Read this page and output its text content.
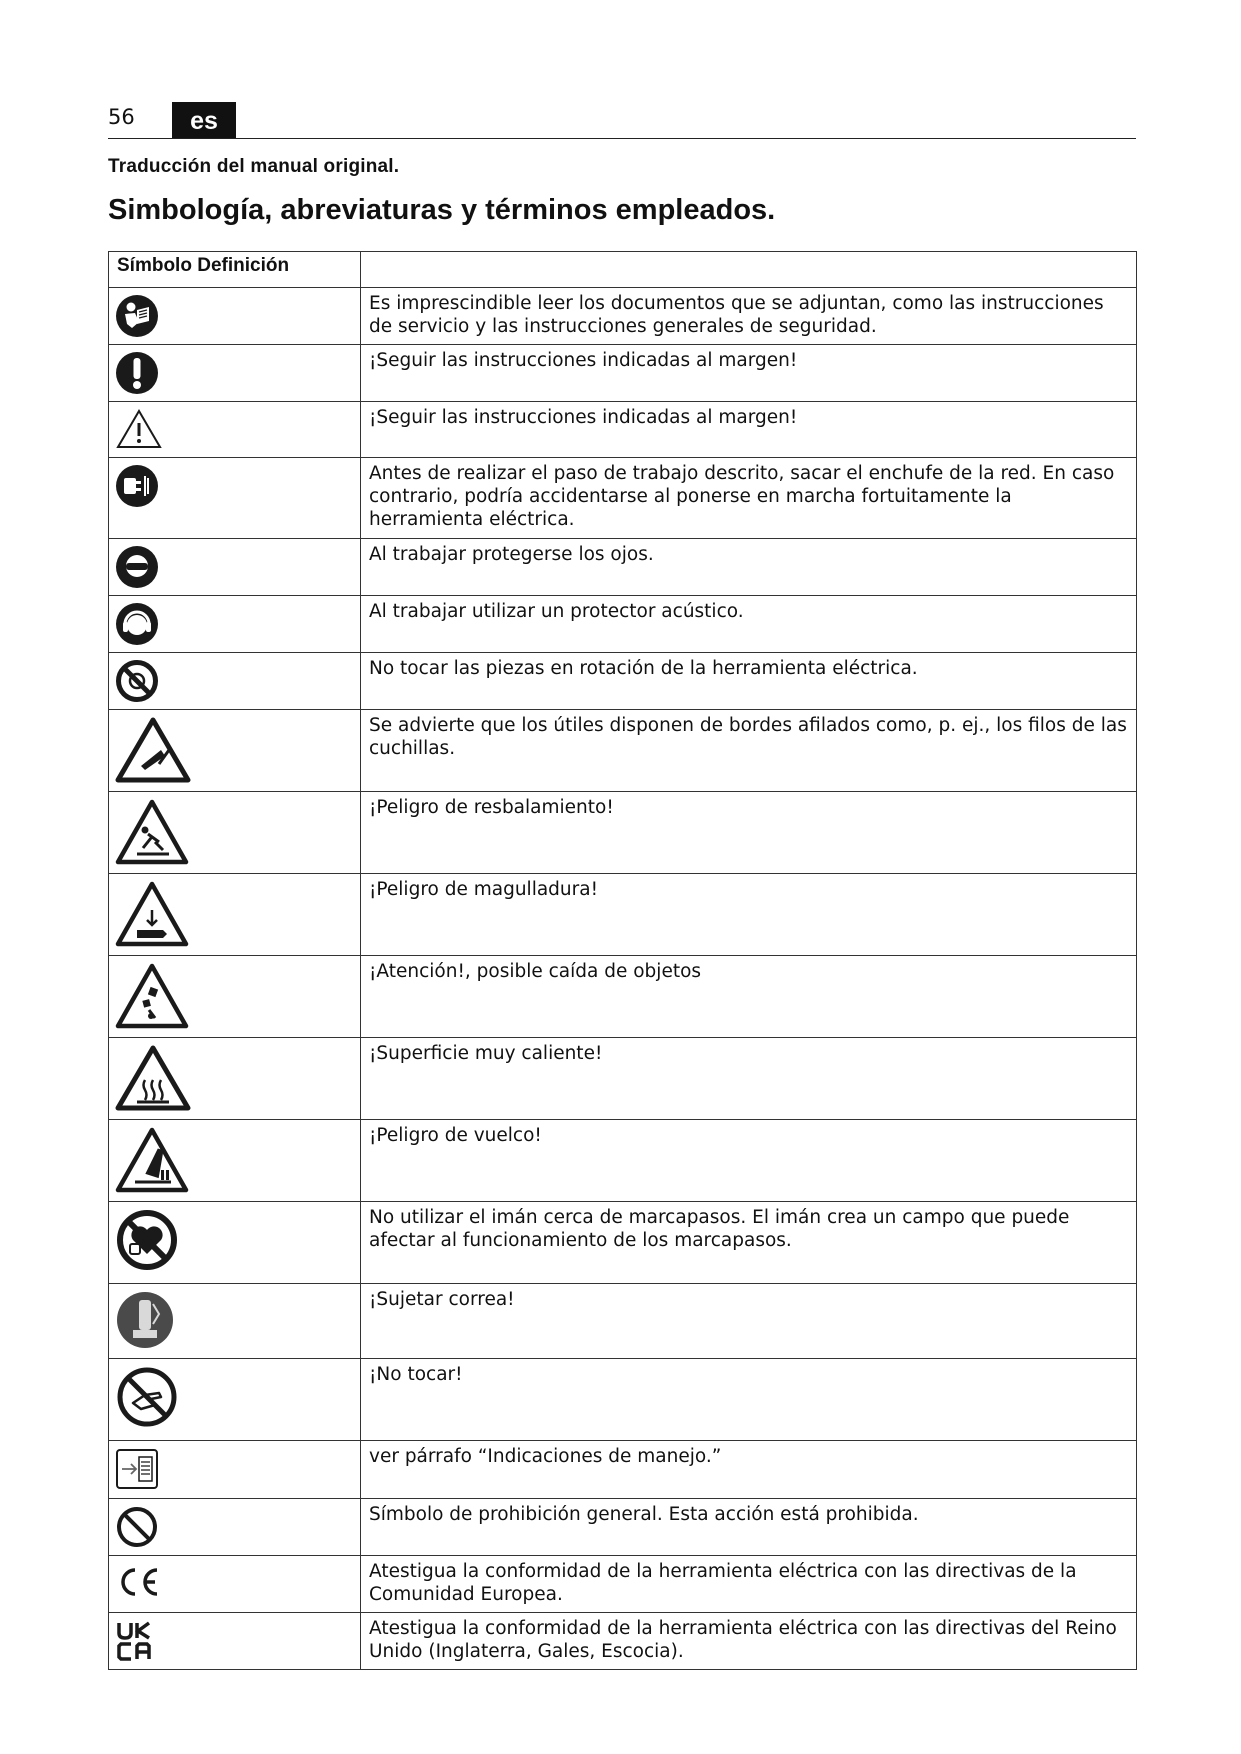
56	es
Traducción del manual original.
Simbología, abreviaturas y términos empleados.
Símbolo Definición	

	Es imprescindible leer los documentos que se adjuntan, como las instrucciones de servicio y las instrucciones generales de seguridad.

	¡Seguir las instrucciones indicadas al margen!

	¡Seguir las instrucciones indicadas al margen!

	Antes de realizar el paso de trabajo descrito, sacar el enchufe de la red. En caso contrario, podría accidentarse al ponerse en marcha fortuitamente la herramienta eléctrica.

	Al trabajar protegerse los ojos.

	Al trabajar utilizar un protector acústico.

	No tocar las piezas en rotación de la herramienta eléctrica.

	Se advierte que los útiles disponen de bordes afilados como, p. ej., los filos de las cuchillas.

	¡Peligro de resbalamiento!

	¡Peligro de magulladura!

	¡Atención!, posible caída de objetos

	¡Superficie muy caliente!

	¡Peligro de vuelco!

	No utilizar el imán cerca de marcapasos. El imán crea un campo que puede afectar al funcionamiento de los marcapasos.

	¡Sujetar correa!

	¡No tocar!

	ver párrafo “Indicaciones de manejo.”

	Símbolo de prohibición general. Esta acción está prohibida.

	Atestigua la conformidad de la herramienta eléctrica con las directivas de la Comunidad Europea.

	Atestigua la conformidad de la herramienta eléctrica con las directivas del Reino Unido (Inglaterra, Gales, Escocia).
